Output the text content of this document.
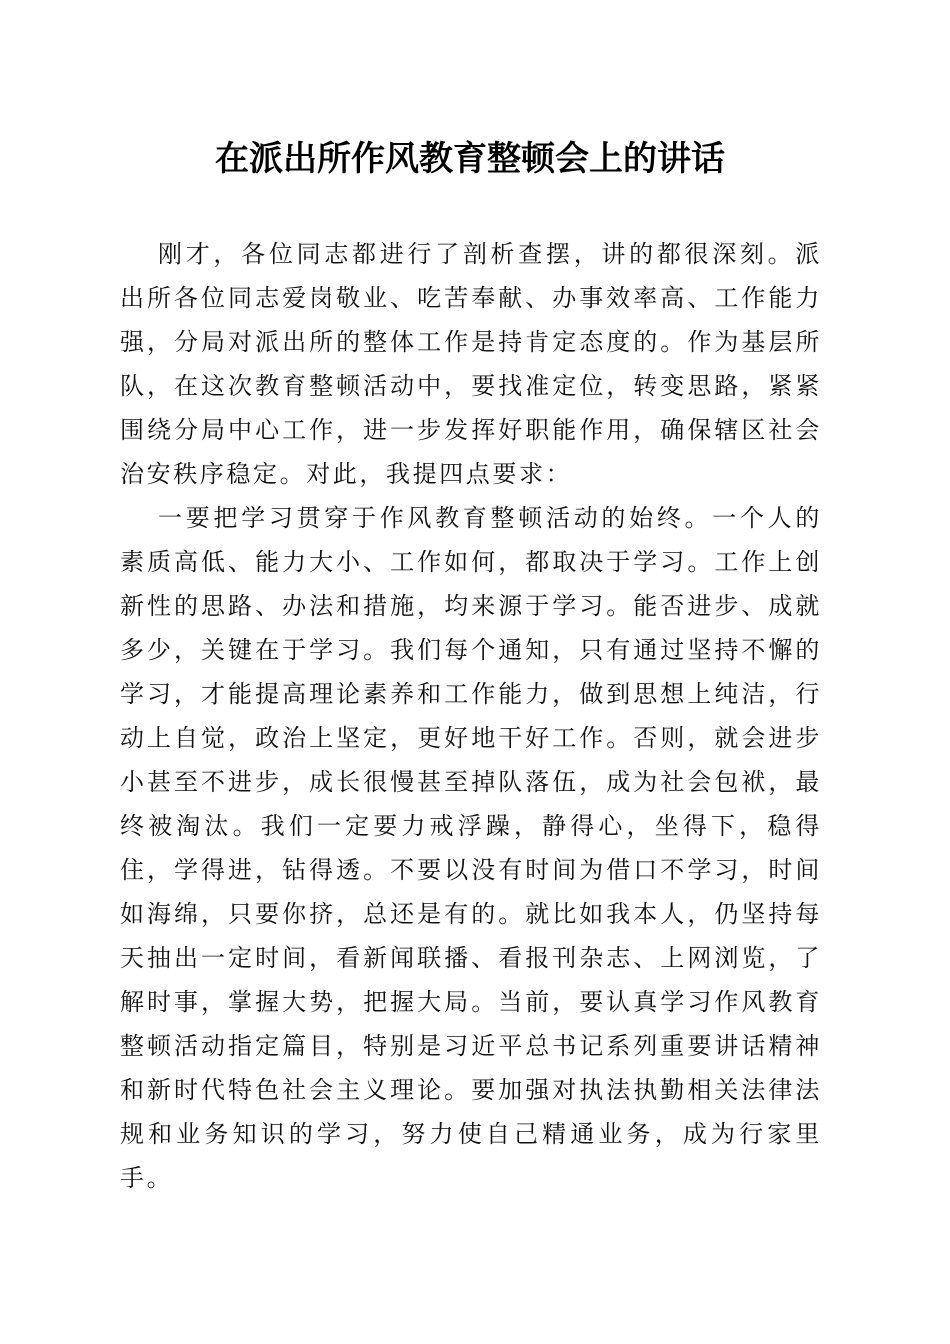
在派出所作风教育整顿会上的讲话

刚才，各位同志都进行了剖析查摆，讲的都很深刻。派出所各位同志爱岗敬业、吃苦奉献、办事效率高、工作能力强，分局对派出所的整体工作是持肯定态度的。作为基层所队，在这次教育整顿活动中，要找准定位，转变思路，紧紧围绕分局中心工作，进一步发挥好职能作用，确保辖区社会治安秩序稳定。对此，我提四点要求：

一要把学习贯穿于作风教育整顿活动的始终。一个人的素质高低、能力大小、工作如何，都取决于学习。工作上创新性的思路、办法和措施，均来源于学习。能否进步、成就多少，关键在于学习。我们每个通知，只有通过坚持不懈的学习，才能提高理论素养和工作能力，做到思想上纯洁，行动上自觉，政治上坚定，更好地干好工作。否则，就会进步小甚至不进步，成长很慢甚至掉队落伍，成为社会包袱，最终被淘汰。我们一定要力戒浮躁，静得心，坐得下，稳得住，学得进，钻得透。不要以没有时间为借口不学习，时间如海绵，只要你挤，总还是有的。就比如我本人，仍坚持每天抽出一定时间，看新闻联播、看报刊杂志、上网浏览，了解时事，掌握大势，把握大局。当前，要认真学习作风教育整顿活动指定篇目，特别是习近平总书记系列重要讲话精神和新时代特色社会主义理论。要加强对执法执勤相关法律法规和业务知识的学习，努力使自己精通业务，成为行家里手。
